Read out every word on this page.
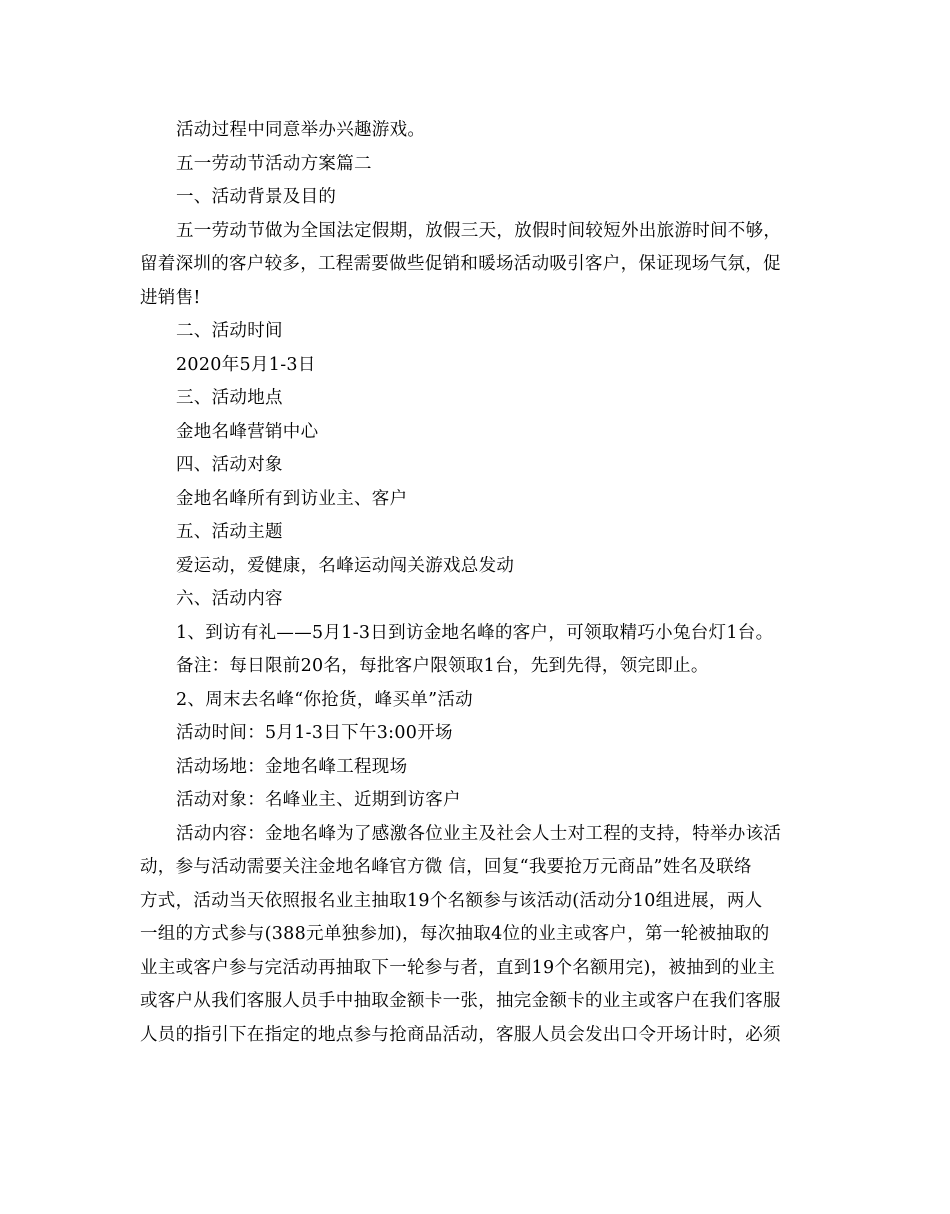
活动过程中同意举办兴趣游戏。
五一劳动节活动方案篇二
一、活动背景及目的
五一劳动节做为全国法定假期，放假三天，放假时间较短外出旅游时间不够，
留着深圳的客户较多，工程需要做些促销和暖场活动吸引客户，保证现场气氛，促
进销售!
二、活动时间
2020年5月1-3日
三、活动地点
金地名峰营销中心
四、活动对象
金地名峰所有到访业主、客户
五、活动主题
爱运动，爱健康，名峰运动闯关游戏总发动
六、活动内容
1、到访有礼——5月1-3日到访金地名峰的客户，可领取精巧小兔台灯1台。
备注：每日限前20名，每批客户限领取1台，先到先得，领完即止。
2、周末去名峰“你抢货，峰买单”活动
活动时间：5月1-3日下午3:00开场
活动场地：金地名峰工程现场
活动对象：名峰业主、近期到访客户
活动内容：金地名峰为了感激各位业主及社会人士对工程的支持，特举办该活
动，参与活动需要关注金地名峰官方微 信，回复“我要抢万元商品”姓名及联络
方式，活动当天依照报名业主抽取19个名额参与该活动(活动分10组进展，两人
一组的方式参与(388元单独参加)，每次抽取4位的业主或客户，第一轮被抽取的
业主或客户参与完活动再抽取下一轮参与者，直到19个名额用完)，被抽到的业主
或客户从我们客服人员手中抽取金额卡一张，抽完金额卡的业主或客户在我们客服
人员的指引下在指定的地点参与抢商品活动，客服人员会发出口令开场计时，必须
